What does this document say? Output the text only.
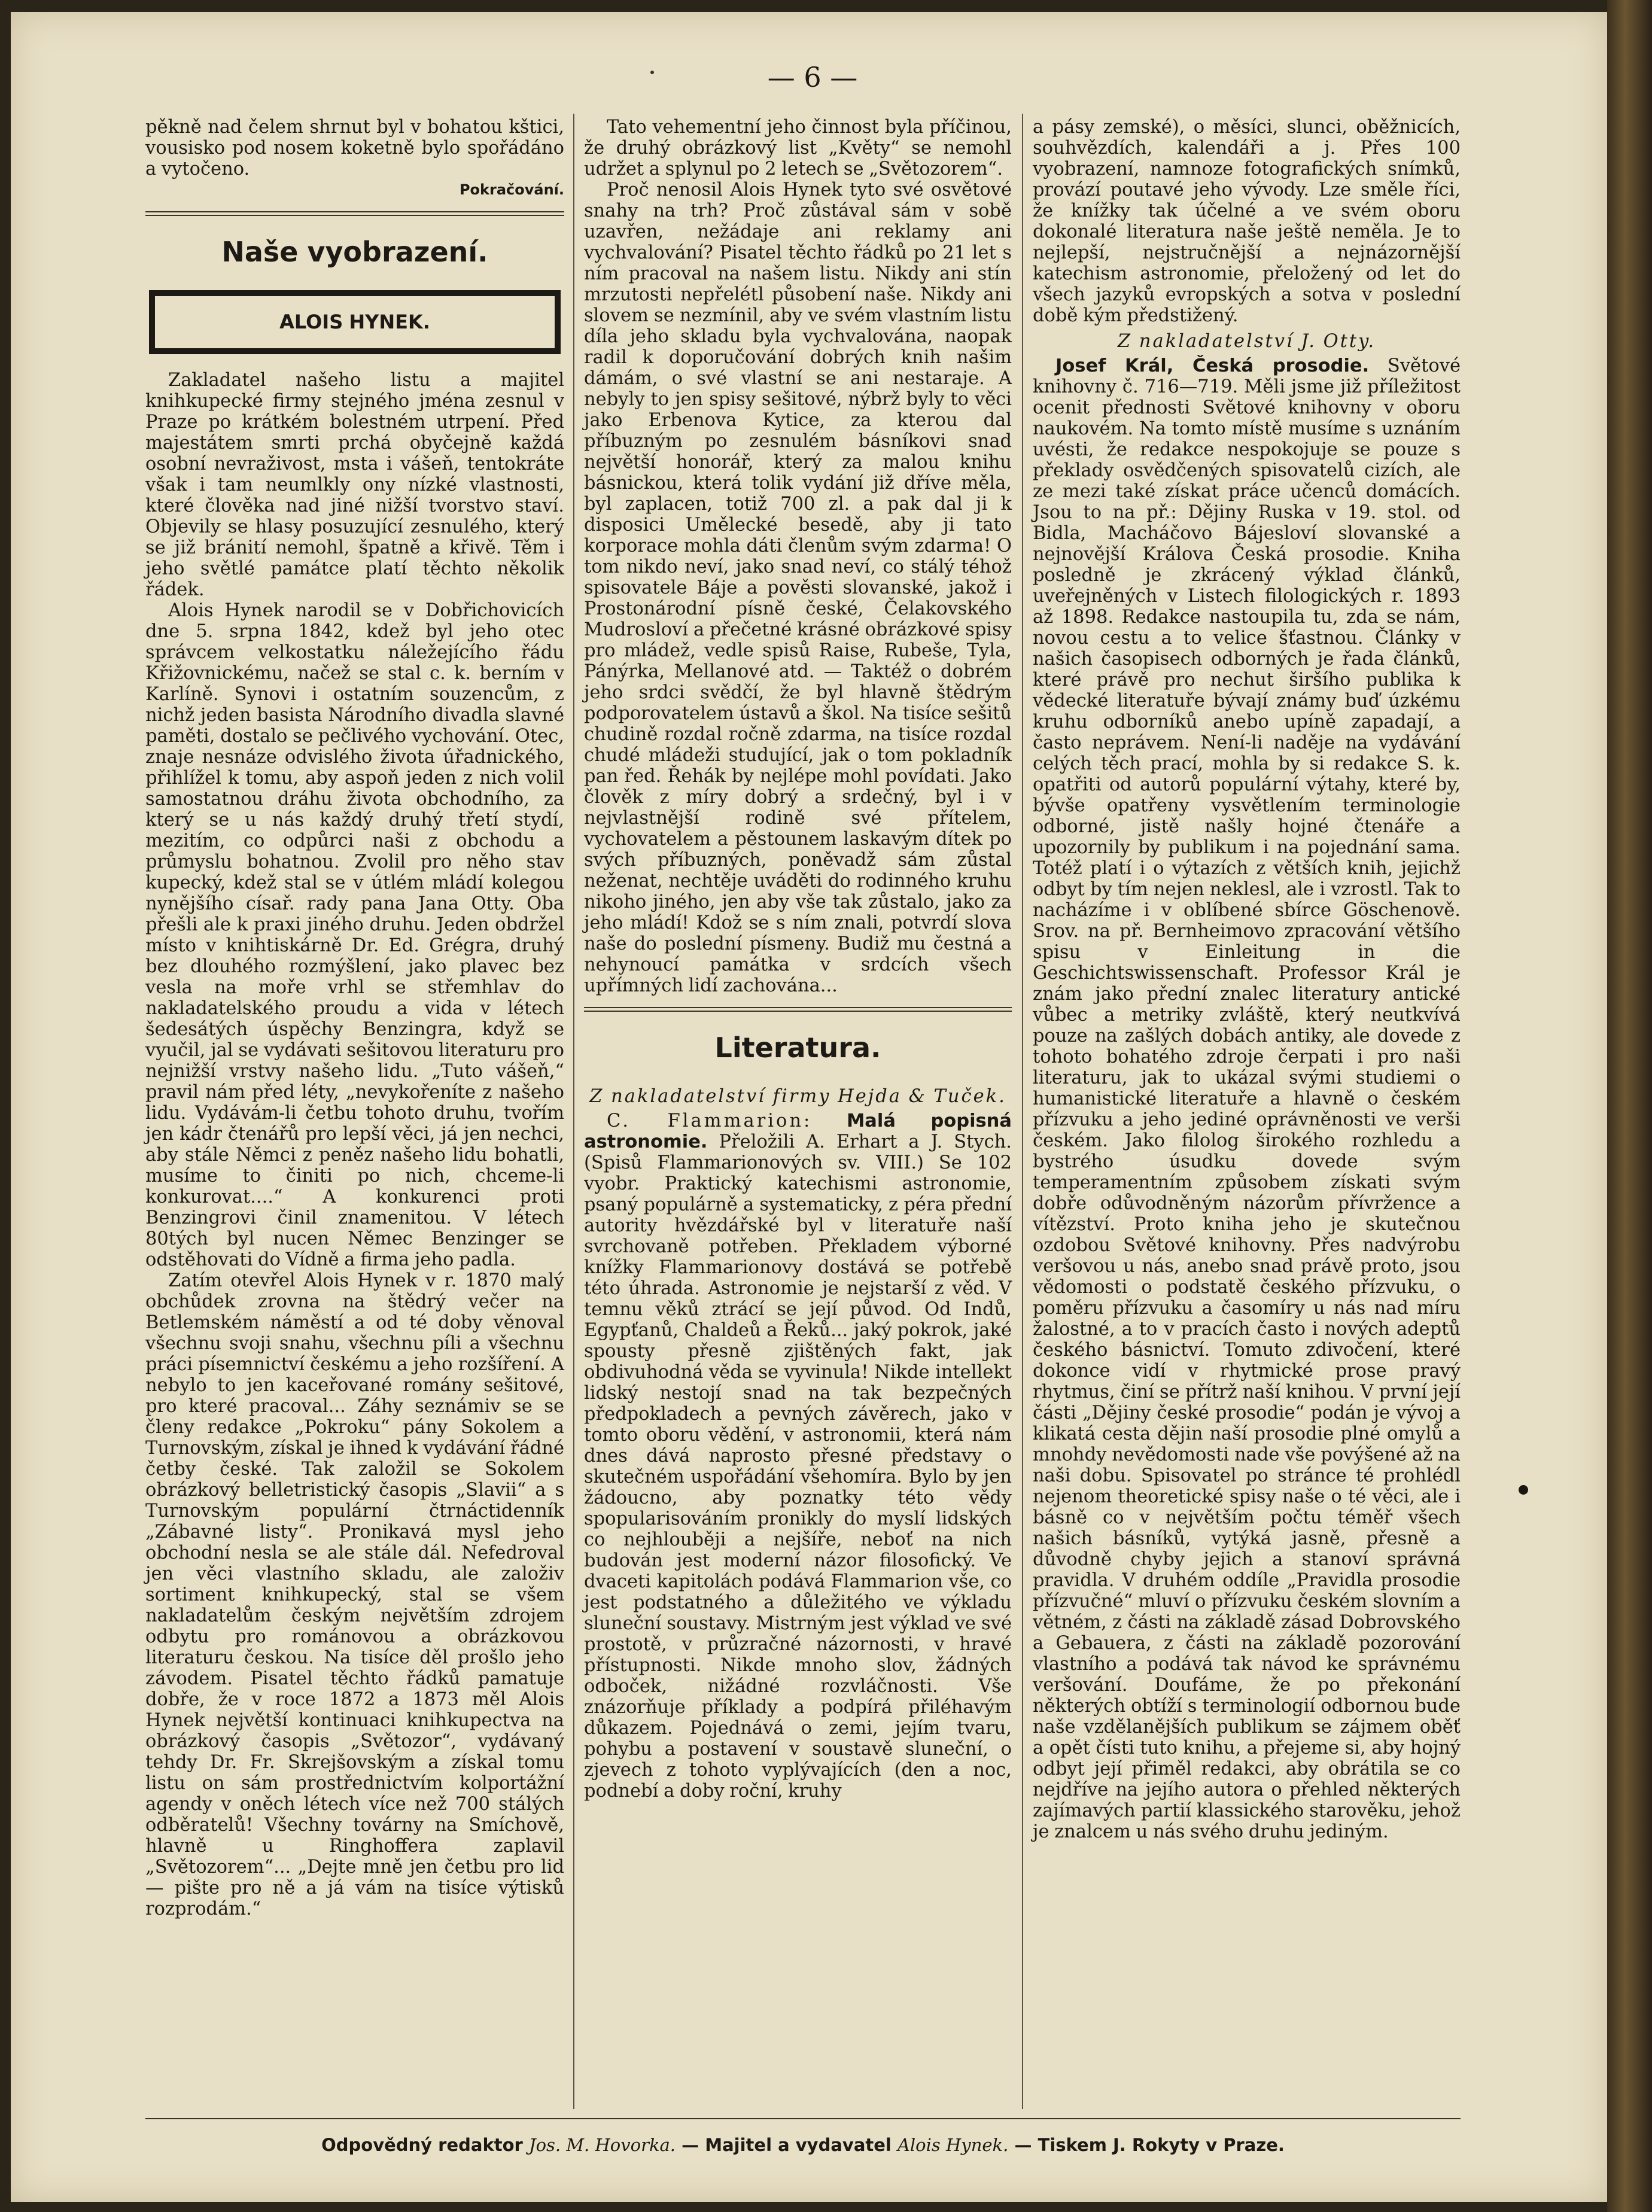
— 6 —

pěkně nad čelem shrnut byl v bohatou kštici, vousisko pod nosem koketně bylo spořádáno a vytočeno.

Pokračování.
Naše vyobrazení.
ALOIS HYNEK.

Zakladatel našeho listu a majitel knihkupecké firmy stejného jména zesnul v Praze po krátkém bolestném utrpení. Před majestátem smrti prchá obyčejně každá osobní nevraživost, msta i vášeň, tentokráte však i tam neumlkly ony nízké vlastnosti, které člověka nad jiné nižší tvorstvo staví. Objevily se hlasy posuzující zesnulého, který se již bránití nemohl, špatně a křivě. Těm i jeho světlé památce platí těchto několik řádek.

Alois Hynek narodil se v Dobřichovicích dne 5. srpna 1842, kdež byl jeho otec správcem velkostatku náležejícího řádu Křižovnickému, načež se stal c. k. berním v Karlíně. Synovi i ostatním souzencům, z nichž jeden basista Národního divadla slavné paměti, dostalo se pečlivého vychování. Otec, znaje nesnáze odvislého života úřadnického, přihlížel k tomu, aby aspoň jeden z nich volil samostatnou dráhu života obchodního, za který se u nás každý druhý třetí stydí, mezitím, co odpůrci naši z obchodu a průmyslu bohatnou. Zvolil pro něho stav kupecký, kdež stal se v útlém mládí kolegou nynějšího císař. rady pana Jana Otty. Oba přešli ale k praxi jiného druhu. Jeden obdržel místo v knihtiskárně Dr. Ed. Grégra, druhý bez dlouhého rozmýšlení, jako plavec bez vesla na moře vrhl se střemhlav do nakladatelského proudu a vida v létech šedesátých úspěchy Benzingra, když se vyučil, jal se vydávati sešitovou literaturu pro nejnižší vrstvy našeho lidu. „Tuto vášeň,“ pravil nám před léty, „nevykořeníte z našeho lidu. Vydávám-li četbu tohoto druhu, tvořím jen kádr čtenářů pro lepší věci, já jen nechci, aby stále Němci z peněz našeho lidu bohatli, musíme to činiti po nich, chceme-li konkurovat....“ A konkurenci proti Benzingrovi činil znamenitou. V létech 80tých byl nucen Němec Benzinger se odstěhovati do Vídně a firma jeho padla.

Zatím otevřel Alois Hynek v r. 1870 malý obchůdek zrovna na štědrý večer na Betlemském náměstí a od té doby věnoval všechnu svoji snahu, všechnu píli a všechnu práci písemnictví českému a jeho rozšíření. A nebylo to jen kaceřované romány sešitové, pro které pracoval... Záhy seznámiv se se členy redakce „Pokroku“ pány Sokolem a Turnovským, získal je ihned k vydávání řádné četby české. Tak založil se Sokolem obrázkový belletristický časopis „Slavii“ a s Turnovským populární čtrnáctidenník „Zábavné listy“. Pronikavá mysl jeho obchodní nesla se ale stále dál. Nefedroval jen věci vlastního skladu, ale založiv sortiment knihkupecký, stal se všem nakladatelům českým největším zdrojem odbytu pro románovou a obrázkovou literaturu českou. Na tisíce děl prošlo jeho závodem. Pisatel těchto řádků pamatuje dobře, že v roce 1872 a 1873 měl Alois Hynek největší kontinuaci knihkupectva na obrázkový časopis „Světozor“, vydávaný tehdy Dr. Fr. Skrejšovským a získal tomu listu on sám prostřednictvím kolportážní agendy v oněch létech více než 700 stálých odběratelů! Všechny továrny na Smíchově, hlavně u Ringhoffera zaplavil „Světozorem“... „Dejte mně jen četbu pro lid — pište pro ně a já vám na tisíce výtisků rozprodám.“

Tato vehementní jeho činnost byla příčinou, že druhý obrázkový list „Květy“ se nemohl udržet a splynul po 2 letech se „Světozorem“.

Proč nenosil Alois Hynek tyto své osvětové snahy na trh? Proč zůstával sám v sobě uzavřen, nežádaje ani reklamy ani vychvalování? Pisatel těchto řádků po 21 let s ním pracoval na našem listu. Nikdy ani stín mrzutosti nepřelétl působení naše. Nikdy ani slovem se nezmínil, aby ve svém vlastním listu díla jeho skladu byla vychvalována, naopak radil k doporučování dobrých knih našim dámám, o své vlastní se ani nestaraje. A nebyly to jen spisy sešitové, nýbrž byly to věci jako Erbenova Kytice, za kterou dal příbuzným po zesnulém básníkovi snad největší honorář, který za malou knihu básnickou, která tolik vydání již dříve měla, byl zaplacen, totiž 700 zl. a pak dal ji k disposici Umělecké besedě, aby ji tato korporace mohla dáti členům svým zdarma! O tom nikdo neví, jako snad neví, co stálý téhož spisovatele Báje a pověsti slovanské, jakož i Prostonárodní písně české, Čelakovského Mudrosloví a přečetné krásné obrázkové spisy pro mládež, vedle spisů Raise, Rubeše, Tyla, Pánýrka, Mellanové atd. — Taktéž o dobrém jeho srdci svědčí, že byl hlavně štědrým podporovatelem ústavů a škol. Na tisíce sešitů chudině rozdal ročně zdarma, na tisíce rozdal chudé mládeži studující, jak o tom pokladník pan řed. Řehák by nejlépe mohl povídati. Jako člověk z míry dobrý a srdečný, byl i v nejvlastnější rodině své přítelem, vychovatelem a pěstounem laskavým dítek po svých příbuzných, poněvadž sám zůstal neženat, nechtěje uváděti do rodinného kruhu nikoho jiného, jen aby vše tak zůstalo, jako za jeho mládí! Kdož se s ním znali, potvrdí slova naše do poslední písmeny. Budiž mu čestná a nehynoucí památka v srdcích všech upřímných lidí zachována...

Literatura.

Z nakladatelství firmy Hejda & Tuček.

C. Flammarion: Malá popisná astronomie. Přeložili A. Erhart a J. Stych. (Spisů Flammarionových sv. VIII.) Se 102 vyobr. Praktický katechismi astronomie, psaný populárně a systematicky, z péra přední autority hvězdářské byl v literatuře naší svrchovaně potřeben. Překladem výborné knížky Flammarionovy dostává se potřebě této úhrada. Astronomie je nejstarší z věd. V temnu věků ztrácí se její původ. Od Indů, Egypťanů, Chaldeů a Řeků... jaký pokrok, jaké spousty přesně zjištěných fakt, jak obdivuhodná věda se vyvinula! Nikde intellekt lidský nestojí snad na tak bezpečných předpokladech a pevných závěrech, jako v tomto oboru vědění, v astronomii, která nám dnes dává naprosto přesné představy o skutečném uspořádání všehomíra. Bylo by jen žádoucno, aby poznatky této vědy spopularisováním pronikly do myslí lidských co nejhlouběji a nejšíře, neboť na nich budován jest moderní názor filosofický. Ve dvaceti kapitolách podává Flammarion vše, co jest podstatného a důležitého ve výkladu sluneční soustavy. Mistrným jest výklad ve své prostotě, v průzračné názornosti, v hravé přístupnosti. Nikde mnoho slov, žádných odboček, nižádné rozvláčnosti. Vše znázorňuje příklady a podpírá přiléhavým důkazem. Pojednává o zemi, jejím tvaru, pohybu a postavení v soustavě sluneční, o zjevech z tohoto vyplývajících (den a noc, podnebí a doby roční, kruhy

a pásy zemské), o měsíci, slunci, oběžnicích, souhvězdích, kalendáři a j. Přes 100 vyobrazení, namnoze fotografických snímků, provází poutavé jeho vývody. Lze směle říci, že knížky tak účelné a ve svém oboru dokonalé literatura naše ještě neměla. Je to nejlepší, nejstručnější a nejnázornější katechism astronomie, přeložený od let do všech jazyků evropských a sotva v poslední době kým předstižený.

Z nakladatelství J. Otty.

Josef Král, Česká prosodie. Světové knihovny č. 716—719. Měli jsme již příležitost ocenit přednosti Světové knihovny v oboru naukovém. Na tomto místě musíme s uznáním uvésti, že redakce nespokojuje se pouze s překlady osvědčených spisovatelů cizích, ale ze mezi také získat práce učenců domácích. Jsou to na př.: Dějiny Ruska v 19. stol. od Bidla, Macháčovo Bájesloví slovanské a nejnovější Králova Česká prosodie. Kniha posledně je zkrácený výklad článků, uveřejněných v Listech filologických r. 1893 až 1898. Redakce nastoupila tu, zda se nám, novou cestu a to velice šťastnou. Články v našich časopisech odborných je řada článků, které právě pro nechut širšího publika k vědecké literatuře bývají známy buď úzkému kruhu odborníků anebo upíně zapadají, a často neprávem. Není-li naděje na vydávání celých těch prací, mohla by si redakce S. k. opatřiti od autorů populární výtahy, které by, bývše opatřeny vysvětlením terminologie odborné, jistě našly hojné čtenáře a upozornily by publikum i na pojednání sama. Totéž platí i o výtazích z větších knih, jejichž odbyt by tím nejen neklesl, ale i vzrostl. Tak to nacházíme i v oblíbené sbírce Göschenově. Srov. na př. Bernheimovo zpracování většího spisu v Einleitung in die Geschichtswissenschaft. Professor Král je znám jako přední znalec literatury antické vůbec a metriky zvláště, který neutkvívá pouze na zašlých dobách antiky, ale dovede z tohoto bohatého zdroje čerpati i pro naši literaturu, jak to ukázal svými studiemi o humanistické literatuře a hlavně o českém přízvuku a jeho jediné oprávněnosti ve verši českém. Jako filolog širokého rozhledu a bystrého úsudku dovede svým temperamentním způsobem získati svým dobře odůvodněným názorům přívržence a vítězství. Proto kniha jeho je skutečnou ozdobou Světové knihovny. Přes nadvýrobu veršovou u nás, anebo snad právě proto, jsou vědomosti o podstatě českého přízvuku, o poměru přízvuku a časomíry u nás nad míru žalostné, a to v pracích často i nových adeptů českého básnictví. Tomuto zdivočení, které dokonce vidí v rhytmické prose pravý rhytmus, činí se přítrž naší knihou. V první její části „Dějiny české prosodie“ podán je vývoj a klikatá cesta dějin naší prosodie plné omylů a mnohdy nevědomosti nade vše povýšené až na naši dobu. Spisovatel po stránce té prohlédl nejenom theoretické spisy naše o té věci, ale i básně co v největším počtu téměř všech našich básníků, vytýká jasně, přesně a důvodně chyby jejich a stanoví správná pravidla. V druhém oddíle „Pravidla prosodie přízvučné“ mluví o přízvuku českém slovním a větném, z části na základě zásad Dobrovského a Gebauera, z části na základě pozorování vlastního a podává tak návod ke správnému veršování. Doufáme, že po překonání některých obtíží s terminologií odbornou bude naše vzdělanějších publikum se zájmem oběť a opět čísti tuto knihu, a přejeme si, aby hojný odbyt její přiměl redakci, aby obrátila se co nejdříve na jejího autora o přehled některých zajímavých partií klassického starověku, jehož je znalcem u nás svého druhu jediným.

Odpovědný redaktor Jos. M. Hovorka. — Majitel a vydavatel Alois Hynek. — Tiskem J. Rokyty v Praze.
